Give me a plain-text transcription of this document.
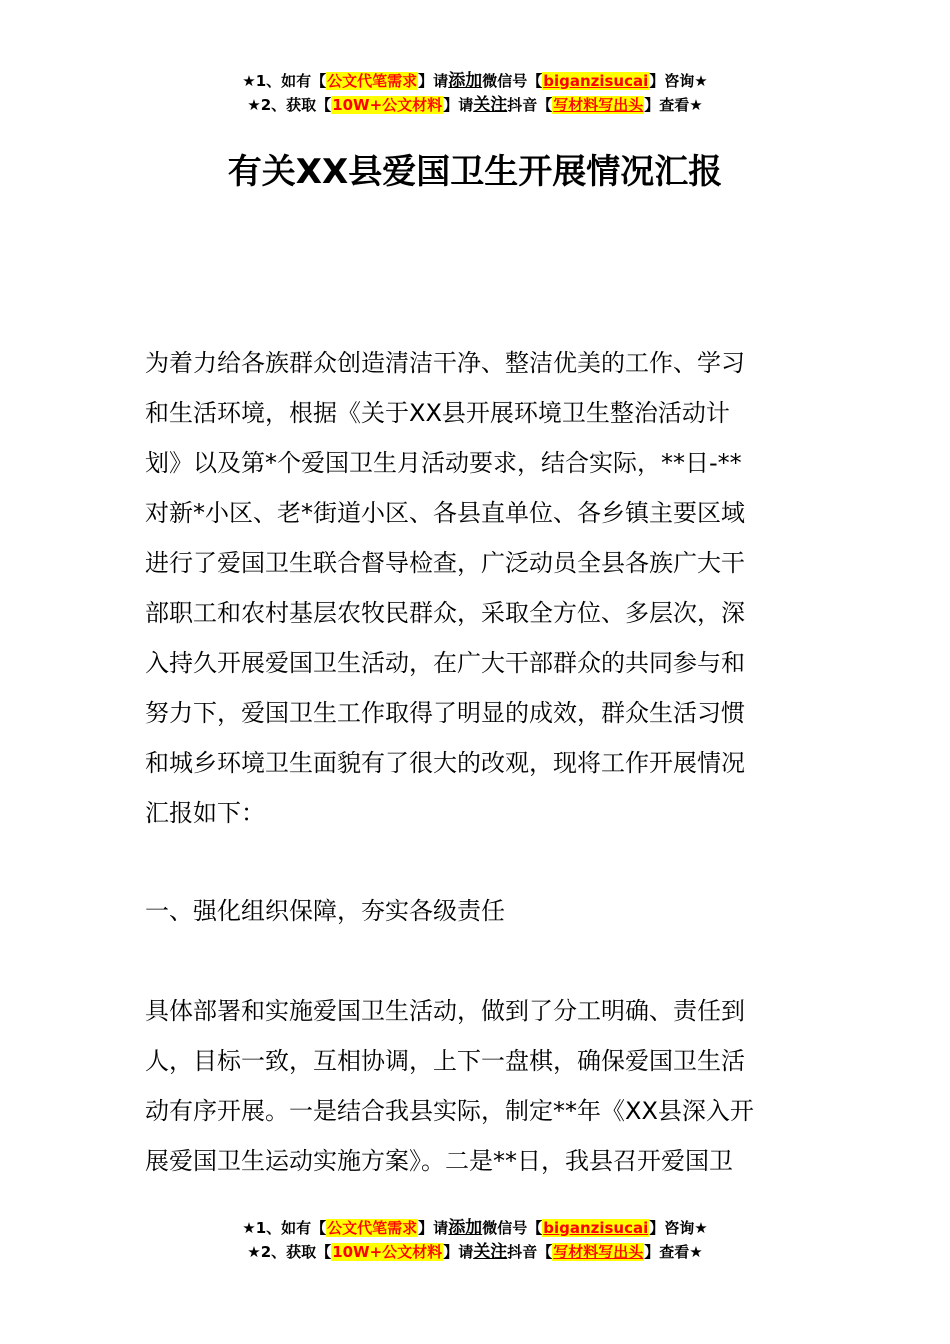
★1、如有【公文代笔需求】请添加微信号【biganzisucai】咨询★
★2、获取【10W+公文材料】请关注抖音【写材料写出头】查看★
有关XX县爱国卫生开展情况汇报

为着力给各族群众创造清洁干净、整洁优美的工作、学习
和生活环境，根据《关于XX县开展环境卫生整治活动计
划》以及第*个爱国卫生月活动要求，结合实际，**日-**
对新*小区、老*街道小区、各县直单位、各乡镇主要区域
进行了爱国卫生联合督导检查，广泛动员全县各族广大干
部职工和农村基层农牧民群众，采取全方位、多层次，深
入持久开展爱国卫生活动，在广大干部群众的共同参与和
努力下，爱国卫生工作取得了明显的成效，群众生活习惯
和城乡环境卫生面貌有了很大的改观，现将工作开展情况
汇报如下：

一、强化组织保障，夯实各级责任

具体部署和实施爱国卫生活动，做到了分工明确、责任到
人，目标一致，互相协调，上下一盘棋，确保爱国卫生活
动有序开展。一是结合我县实际，制定**年《XX县深入开
展爱国卫生运动实施方案》。二是**日，我县召开爱国卫

★1、如有【公文代笔需求】请添加微信号【biganzisucai】咨询★
★2、获取【10W+公文材料】请关注抖音【写材料写出头】查看★
